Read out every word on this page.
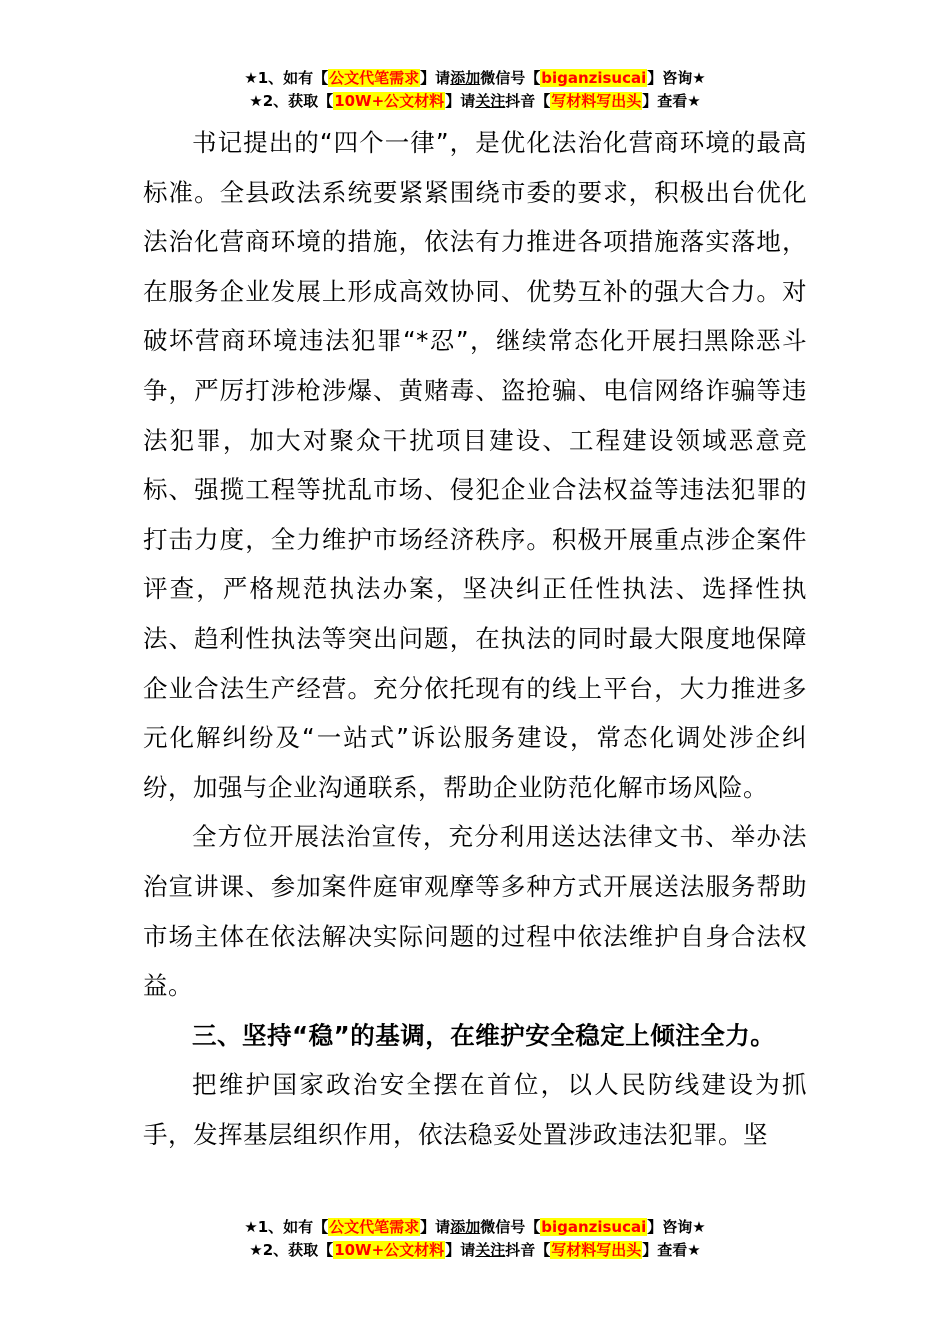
★1、如有【公文代笔需求】请添加微信号【biganzisucai】咨询★
★2、获取【10W+公文材料】请关注抖音【写材料写出头】查看★

书记提出的“四个一律”，是优化法治化营商环境的最高标准。全县政法系统要紧紧围绕市委的要求，积极出台优化法治化营商环境的措施，依法有力推进各项措施落实落地，在服务企业发展上形成高效协同、优势互补的强大合力。对破坏营商环境违法犯罪“*忍”，继续常态化开展扫黑除恶斗争，严厉打涉枪涉爆、黄赌毒、盗抢骗、电信网络诈骗等违法犯罪，加大对聚众干扰项目建设、工程建设领域恶意竞标、强揽工程等扰乱市场、侵犯企业合法权益等违法犯罪的打击力度，全力维护市场经济秩序。积极开展重点涉企案件评查，严格规范执法办案，坚决纠正任性执法、选择性执法、趋利性执法等突出问题，在执法的同时最大限度地保障企业合法生产经营。充分依托现有的线上平台，大力推进多元化解纠纷及“一站式”诉讼服务建设，常态化调处涉企纠纷，加强与企业沟通联系，帮助企业防范化解市场风险。

全方位开展法治宣传，充分利用送达法律文书、举办法治宣讲课、参加案件庭审观摩等多种方式开展送法服务帮助市场主体在依法解决实际问题的过程中依法维护自身合法权益。

三、坚持“稳”的基调，在维护安全稳定上倾注全力。

把维护国家政治安全摆在首位，以人民防线建设为抓手，发挥基层组织作用，依法稳妥处置涉政违法犯罪。坚

★1、如有【公文代笔需求】请添加微信号【biganzisucai】咨询★
★2、获取【10W+公文材料】请关注抖音【写材料写出头】查看★
